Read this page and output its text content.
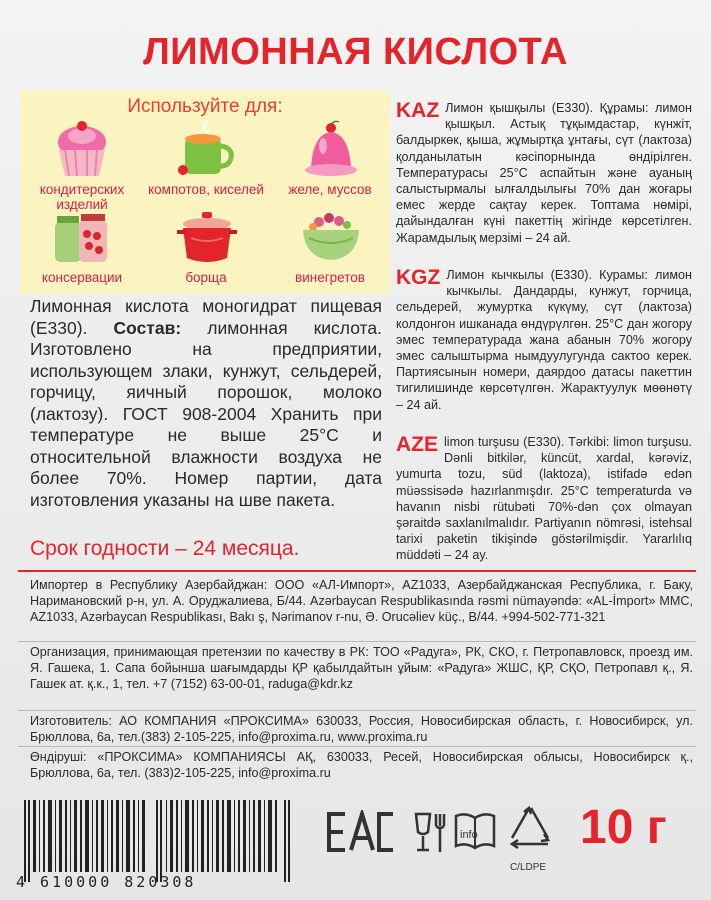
ЛИМОННАЯ КИСЛОТА
Используйте для:
кондитерских изделий
компотов, киселей	желе, муссов
консервации	борща	винегретов
Лимонная кислота моногидрат пищевая (Е330). Состав: лимонная кислота. Изготовлено на предприятии, использующем злаки, кунжут, сельдерей, горчицу, яичный порошок, молоко (лактозу). ГОСТ 908-2004 Хранить при температуре не выше 25°С и относительной влажности воздуха не более 70%. Номер партии, дата изготовления указаны на шве пакета.
Срок годности – 24 месяца.
KAZ Лимон қышқылы (Е330). Құрамы: лимон қышқыл. Астық тұқымдастар, күнжіт, балдыркөк, қыша, жұмыртқа ұнтағы, сүт (лактоза) қолданылатын кәсіпорнында өндірілген. Температурасы 25°C аспайтын және ауаның салыстырмалы ылғалдылығы 70% дан жоғары емес жерде сақтау керек. Топтама нөмірі, дайындалған күні пакеттің жігінде көрсетілген. Жарамдылық мерзімі – 24 ай.
KGZ Лимон кычкылы (Е330). Курамы: лимон кычкылы. Дандарды, кунжут, горчица, сельдерей, жумуртка күкүму, сүт (лактоза) колдонгон ишканада өндүрүлгөн. 25°С дан жогору эмес температурада жана абанын 70% жогору эмес салыштырма нымдуулугунда сактоо керек. Партиясынын номери, даярдоо датасы пакеттин тигилишинде көрсөтүлгөн. Жарактуулук мөөнөтү – 24 ай.
AZE limon turşusu (E330). Tərkibi: limon turşusu. Dənli bitkilər, küncüt, xardal, kərəviz, yumurta tozu, süd (laktoza), istifadə edən müəssisədə hazırlanmışdır. 25°C temperaturda və havanın nisbi rütubəti 70%-dən çox olmayan şəraitdə saxlanılmalıdır. Partiyanın nömrəsi, istehsal tarixi paketin tikişində göstərilmişdir. Yararlılıq müddəti – 24 ay.
Импортер в Республику Азербайджан: ООО «АЛ-Импорт», AZ1033, Азербайджанская Республика, г. Баку, Наримановский р-н, ул. А. Оруджалиева, Б/44. Azərbaycan Respublikasında rəsmi nümayəndə: «AL-İmport» MMC, AZ1033, Azərbaycan Respublikası, Bakı ş, Nərimanov r-nu, Ə. Orucəliev küç., B/44. +994-502-771-321
Организация, принимающая претензии по качеству в РК: ТОО «Радуга», РК, СКО, г. Петропавловск, проезд им. Я. Гашека, 1. Сапа бойынша шағымдарды ҚР қабылдайтын ұйым: «Радуга» ЖШС, ҚР, СҚО, Петропавл қ., Я. Гашек ат. қ.к., 1, тел. +7 (7152) 63-00-01, raduga@kdr.kz
Изготовитель: АО КОМПАНИЯ «ПРОКСИМА» 630033, Россия, Новосибирская область, г. Новосибирск, ул. Брюллова, 6а, тел.(383) 2-105-225, info@proxima.ru, www.proxima.ru
Өндіруші: «ПРОКСИМА» КОМПАНИЯСЫ АҚ, 630033, Ресей, Новосибирская облысы, Новосибирск қ., Брюллова, 6а, тел. (383)2-105-225, info@proxima.ru
4 610000 820308
info
C/LDPE
10 г
